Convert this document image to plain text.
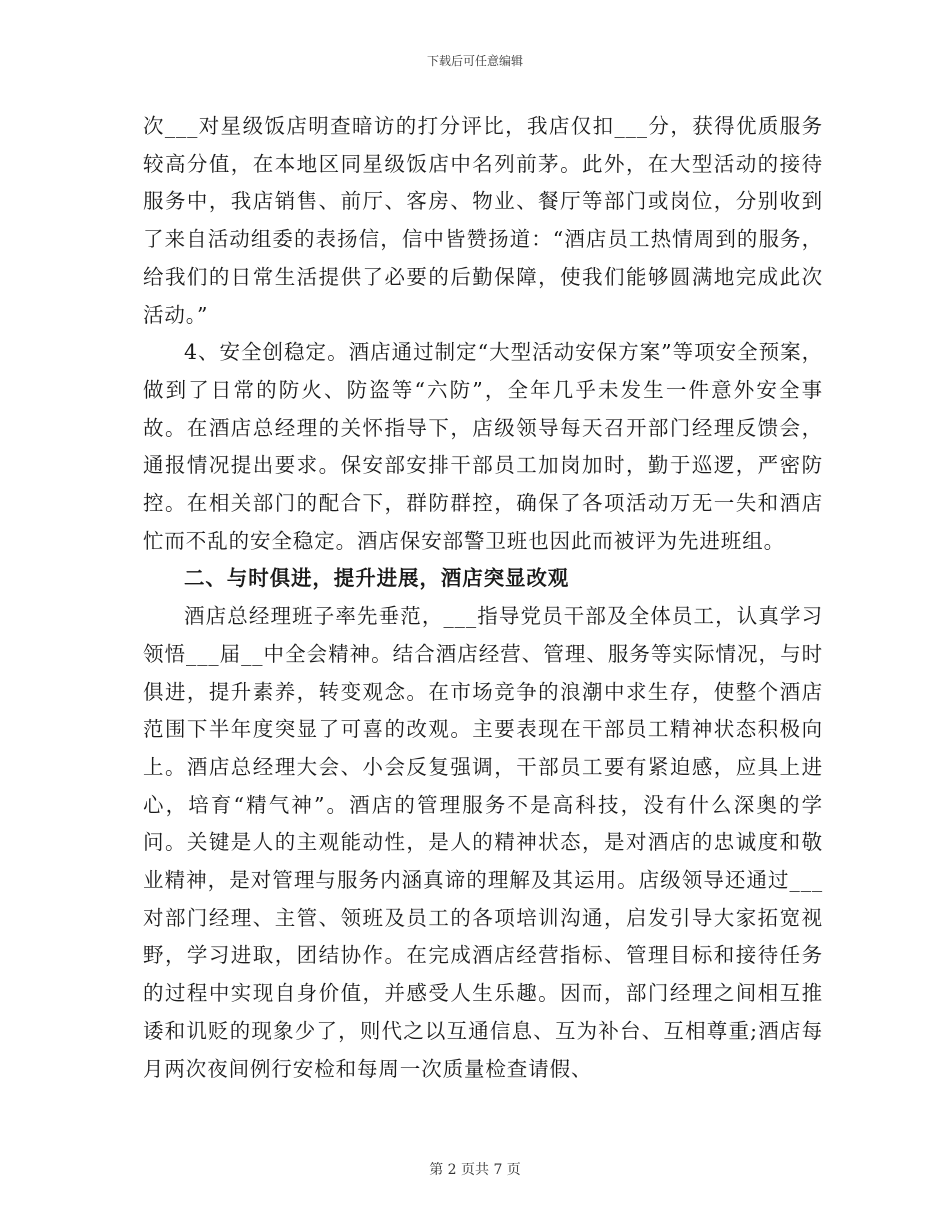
下载后可任意编辑

次___对星级饭店明查暗访的打分评比，我店仅扣___分，获得优质服务较高分值，在本地区同星级饭店中名列前茅。此外，在大型活动的接待服务中，我店销售、前厅、客房、物业、餐厅等部门或岗位，分别收到了来自活动组委的表扬信，信中皆赞扬道：“酒店员工热情周到的服务，给我们的日常生活提供了必要的后勤保障，使我们能够圆满地完成此次活动。”

4、安全创稳定。酒店通过制定“大型活动安保方案”等项安全预案，做到了日常的防火、防盗等“六防”，全年几乎未发生一件意外安全事故。在酒店总经理的关怀指导下，店级领导每天召开部门经理反馈会，通报情况提出要求。保安部安排干部员工加岗加时，勤于巡逻，严密防控。在相关部门的配合下，群防群控，确保了各项活动万无一失和酒店忙而不乱的安全稳定。酒店保安部警卫班也因此而被评为先进班组。

二、与时俱进，提升进展，酒店突显改观

酒店总经理班子率先垂范，___指导党员干部及全体员工，认真学习领悟___届__中全会精神。结合酒店经营、管理、服务等实际情况，与时俱进，提升素养，转变观念。在市场竞争的浪潮中求生存，使整个酒店范围下半年度突显了可喜的改观。主要表现在干部员工精神状态积极向上。酒店总经理大会、小会反复强调，干部员工要有紧迫感，应具上进心，培育“精气神”。酒店的管理服务不是高科技，没有什么深奥的学问。关键是人的主观能动性，是人的精神状态，是对酒店的忠诚度和敬业精神，是对管理与服务内涵真谛的理解及其运用。店级领导还通过___对部门经理、主管、领班及员工的各项培训沟通，启发引导大家拓宽视野，学习进取，团结协作。在完成酒店经营指标、管理目标和接待任务的过程中实现自身价值，并感受人生乐趣。因而，部门经理之间相互推诿和讥贬的现象少了，则代之以互通信息、互为补台、互相尊重;酒店每月两次夜间例行安检和每周一次质量检查请假、

第 2 页共 7 页
